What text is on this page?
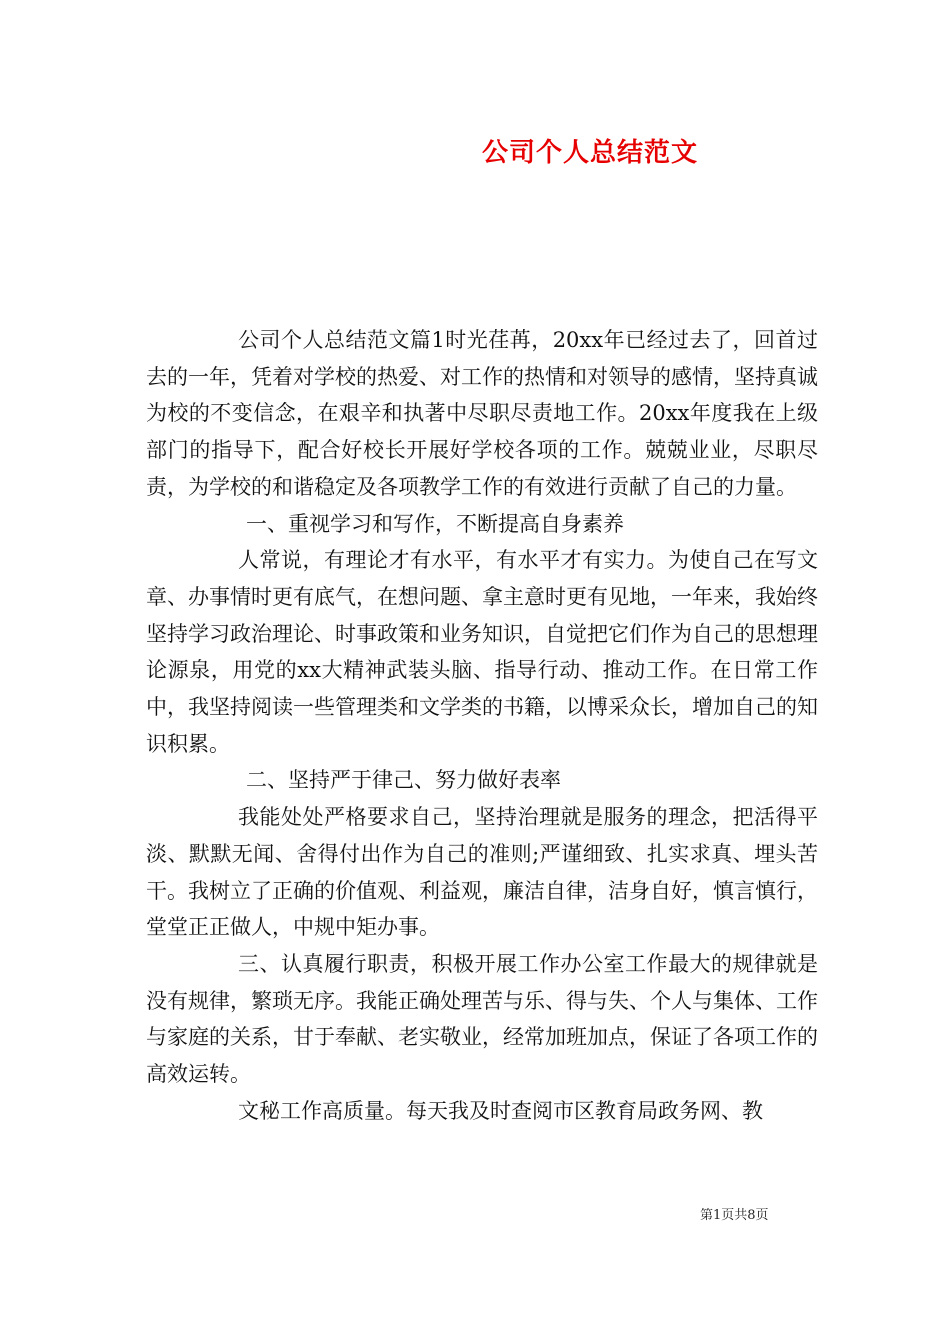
公司个人总结范文

公司个人总结范文篇1时光荏苒，20xx年已经过去了，回首过去的一年，凭着对学校的热爱、对工作的热情和对领导的感情，坚持真诚为校的不变信念，在艰辛和执著中尽职尽责地工作。20xx年度我在上级部门的指导下，配合好校长开展好学校各项的工作。兢兢业业，尽职尽责，为学校的和谐稳定及各项教学工作的有效进行贡献了自己的力量。

一、重视学习和写作，不断提高自身素养

人常说，有理论才有水平，有水平才有实力。为使自己在写文章、办事情时更有底气，在想问题、拿主意时更有见地，一年来，我始终坚持学习政治理论、时事政策和业务知识，自觉把它们作为自己的思想理论源泉，用党的xx大精神武装头脑、指导行动、推动工作。在日常工作中，我坚持阅读一些管理类和文学类的书籍，以博采众长，增加自己的知识积累。

二、坚持严于律己、努力做好表率

我能处处严格要求自己，坚持治理就是服务的理念，把活得平淡、默默无闻、舍得付出作为自己的准则;严谨细致、扎实求真、埋头苦干。我树立了正确的价值观、利益观，廉洁自律，洁身自好，慎言慎行，堂堂正正做人，中规中矩办事。

三、认真履行职责，积极开展工作办公室工作最大的规律就是没有规律，繁琐无序。我能正确处理苦与乐、得与失、个人与集体、工作与家庭的关系，甘于奉献、老实敬业，经常加班加点，保证了各项工作的高效运转。

文秘工作高质量。每天我及时查阅市区教育局政务网、教

第1页共8页
